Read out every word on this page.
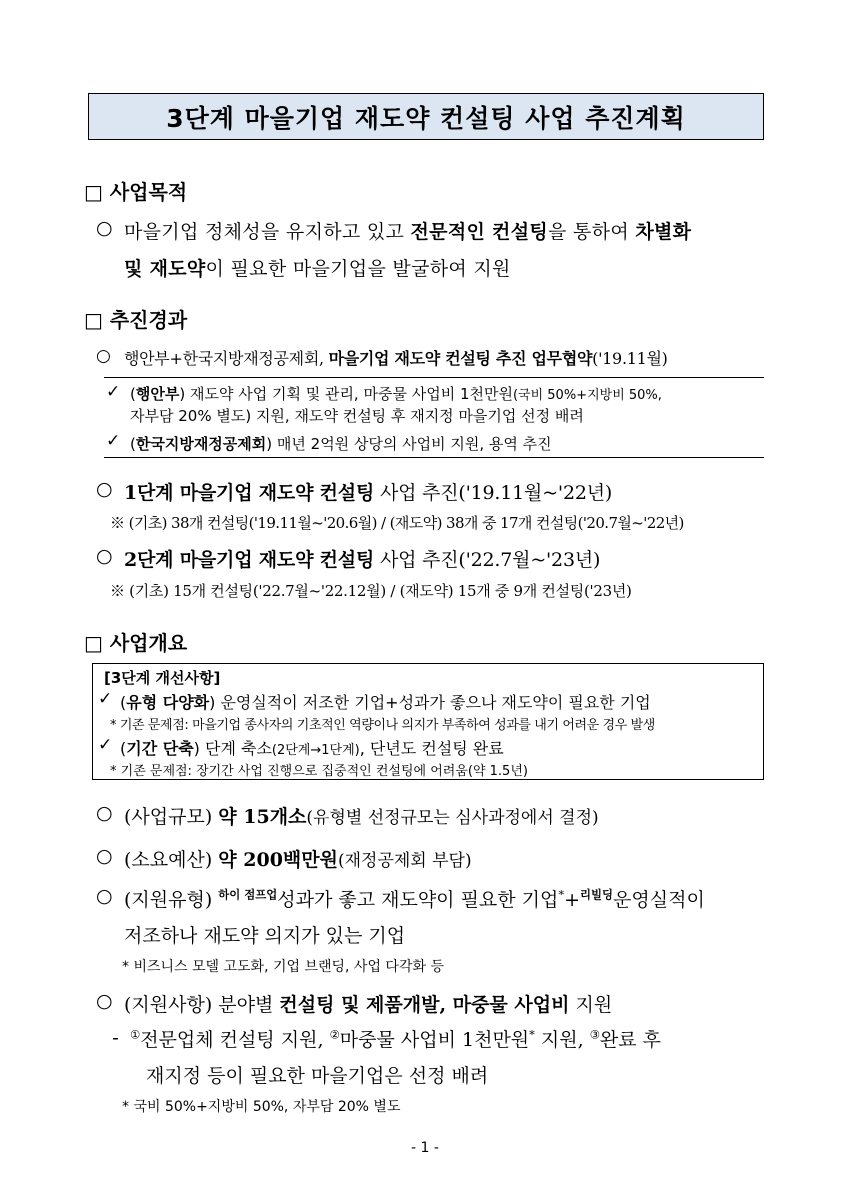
3단계 마을기업 재도약 컨설팅 사업 추진계획
□ 사업목적
○ 마을기업 정체성을 유지하고 있고 전문적인 컨설팅을 통하여 차별화
및 재도약이 필요한 마을기업을 발굴하여 지원
□ 추진경과
○ 행안부+한국지방재정공제회, 마을기업 재도약 컨설팅 추진 업무협약('19.11월)
✓ (행안부) 재도약 사업 기획 및 관리, 마중물 사업비 1천만원(국비 50%+지방비 50%,
자부담 20% 별도) 지원, 재도약 컨설팅 후 재지정 마을기업 선정 배려
✓ (한국지방재정공제회) 매년 2억원 상당의 사업비 지원, 용역 추진
○ 1단계 마을기업 재도약 컨설팅 사업 추진('19.11월~'22년)
※ (기초) 38개 컨설팅('19.11월~'20.6월) / (재도약) 38개 중 17개 컨설팅('20.7월~'22년)
○ 2단계 마을기업 재도약 컨설팅 사업 추진('22.7월~'23년)
※ (기초) 15개 컨설팅('22.7월~'22.12월) / (재도약) 15개 중 9개 컨설팅('23년)
□ 사업개요
[3단계 개선사항]
✓ (유형 다양화) 운영실적이 저조한 기업+성과가 좋으나 재도약이 필요한 기업
* 기존 문제점: 마을기업 종사자의 기초적인 역량이나 의지가 부족하여 성과를 내기 어려운 경우 발생
✓ (기간 단축) 단계 축소(2단계→1단계), 단년도 컨설팅 완료
* 기존 문제점: 장기간 사업 진행으로 집중적인 컨설팅에 어려움(약 1.5년)
○ (사업규모) 약 15개소(유형별 선정규모는 심사과정에서 결정)
○ (소요예산) 약 200백만원(재정공제회 부담)
○ (지원유형) $^{하이 점프업}$성과가 좋고 재도약이 필요한 기업*+$^{리빌딩}$운영실적이
저조하나 재도약 의지가 있는 기업
* 비즈니스 모델 고도화, 기업 브랜딩, 사업 다각화 등
○ (지원사항) 분야별 컨설팅 및 제품개발, 마중물 사업비 지원
- ①전문업체 컨설팅 지원, ②마중물 사업비 1천만원* 지원, ③완료 후
재지정 등이 필요한 마을기업은 선정 배려
* 국비 50%+지방비 50%, 자부담 20% 별도
- 1 -
